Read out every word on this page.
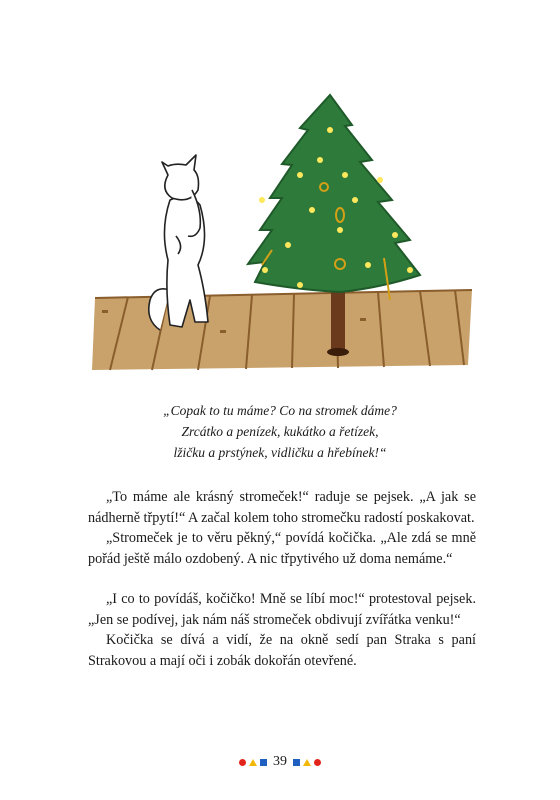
„Copak to tu máme? Co na stromek dáme?
Zrcátko a penízek, kukátko a řetízek,
lžičku a prstýnek, vidličku a hřebínek!“

„To máme ale krásný stromeček!“ raduje se pejsek. „A jak se nádherně třpytí!“ A začal kolem toho stromečku radostí poskakovat.

„Stromeček je to věru pěkný,“ povídá kočička. „Ale zdá se mně pořád ještě málo ozdobený. A nic třpytivého už doma nemáme.“

„I co to povídáš, kočičko! Mně se líbí moc!“ protestoval pejsek. „Jen se podívej, jak nám náš stromeček obdivují zvířátka venku!“

Kočička se dívá a vidí, že na okně sedí pan Straka s paní Strakovou a mají oči i zobák dokořán otevřené.

39
